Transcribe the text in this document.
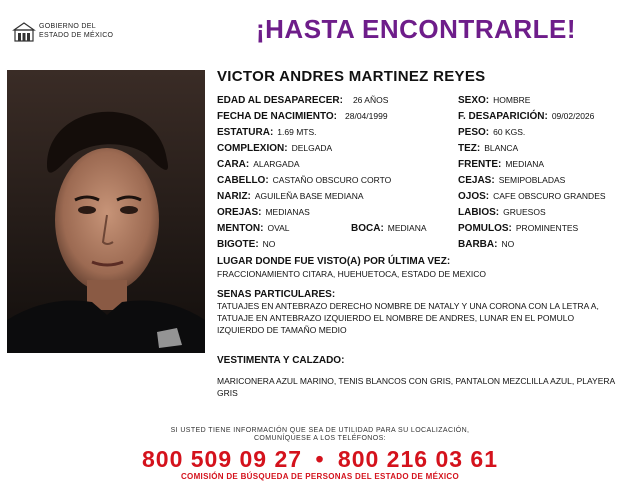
GOBIERNO DEL
ESTADO DE MÉXICO	¡HASTA ENCONTRARLE!
VICTOR ANDRES MARTINEZ REYES
EDAD AL DESAPARECER: 26 AÑOS
FECHA DE NACIMIENTO: 28/04/1999
ESTATURA: 1.69 MTS.
COMPLEXION: DELGADA
CARA: ALARGADA
CABELLO: CASTAÑO OBSCURO CORTO
NARIZ: AGUILEÑA BASE MEDIANA
OREJAS: MEDIANAS
MENTON: OVAL	BOCA: MEDIANA
BIGOTE: NO
SEXO: HOMBRE
F. DESAPARICIÓN: 09/02/2026
PESO: 60 KGS.
TEZ: BLANCA
FRENTE: MEDIANA
CEJAS: SEMIPOBLADAS
OJOS: CAFE OBSCURO GRANDES
LABIOS: GRUESOS
POMULOS: PROMINENTES
BARBA: NO
LUGAR DONDE FUE VISTO(A) POR ÚLTIMA VEZ:
FRACCIONAMIENTO CITARA, HUEHUETOCA, ESTADO DE MEXICO
SENAS PARTICULARES:
TATUAJES EN ANTEBRAZO DERECHO NOMBRE DE NATALY Y UNA CORONA CON LA LETRA A, TATUAJE EN ANTEBRAZO IZQUIERDO EL NOMBRE DE ANDRES, LUNAR EN EL POMULO IZQUIERDO DE TAMAÑO MEDIO
VESTIMENTA Y CALZADO:
MARICONERA AZUL MARINO, TENIS BLANCOS CON GRIS, PANTALON MEZCLILLA AZUL, PLAYERA GRIS
SI USTED TIENE INFORMACIÓN QUE SEA DE UTILIDAD PARA SU LOCALIZACIÓN,
COMUNÍQUESE A LOS TELÉFONOS:
800 509 09 27 • 800 216 03 61
COMISIÓN DE BÚSQUEDA DE PERSONAS DEL ESTADO DE MÉXICO
